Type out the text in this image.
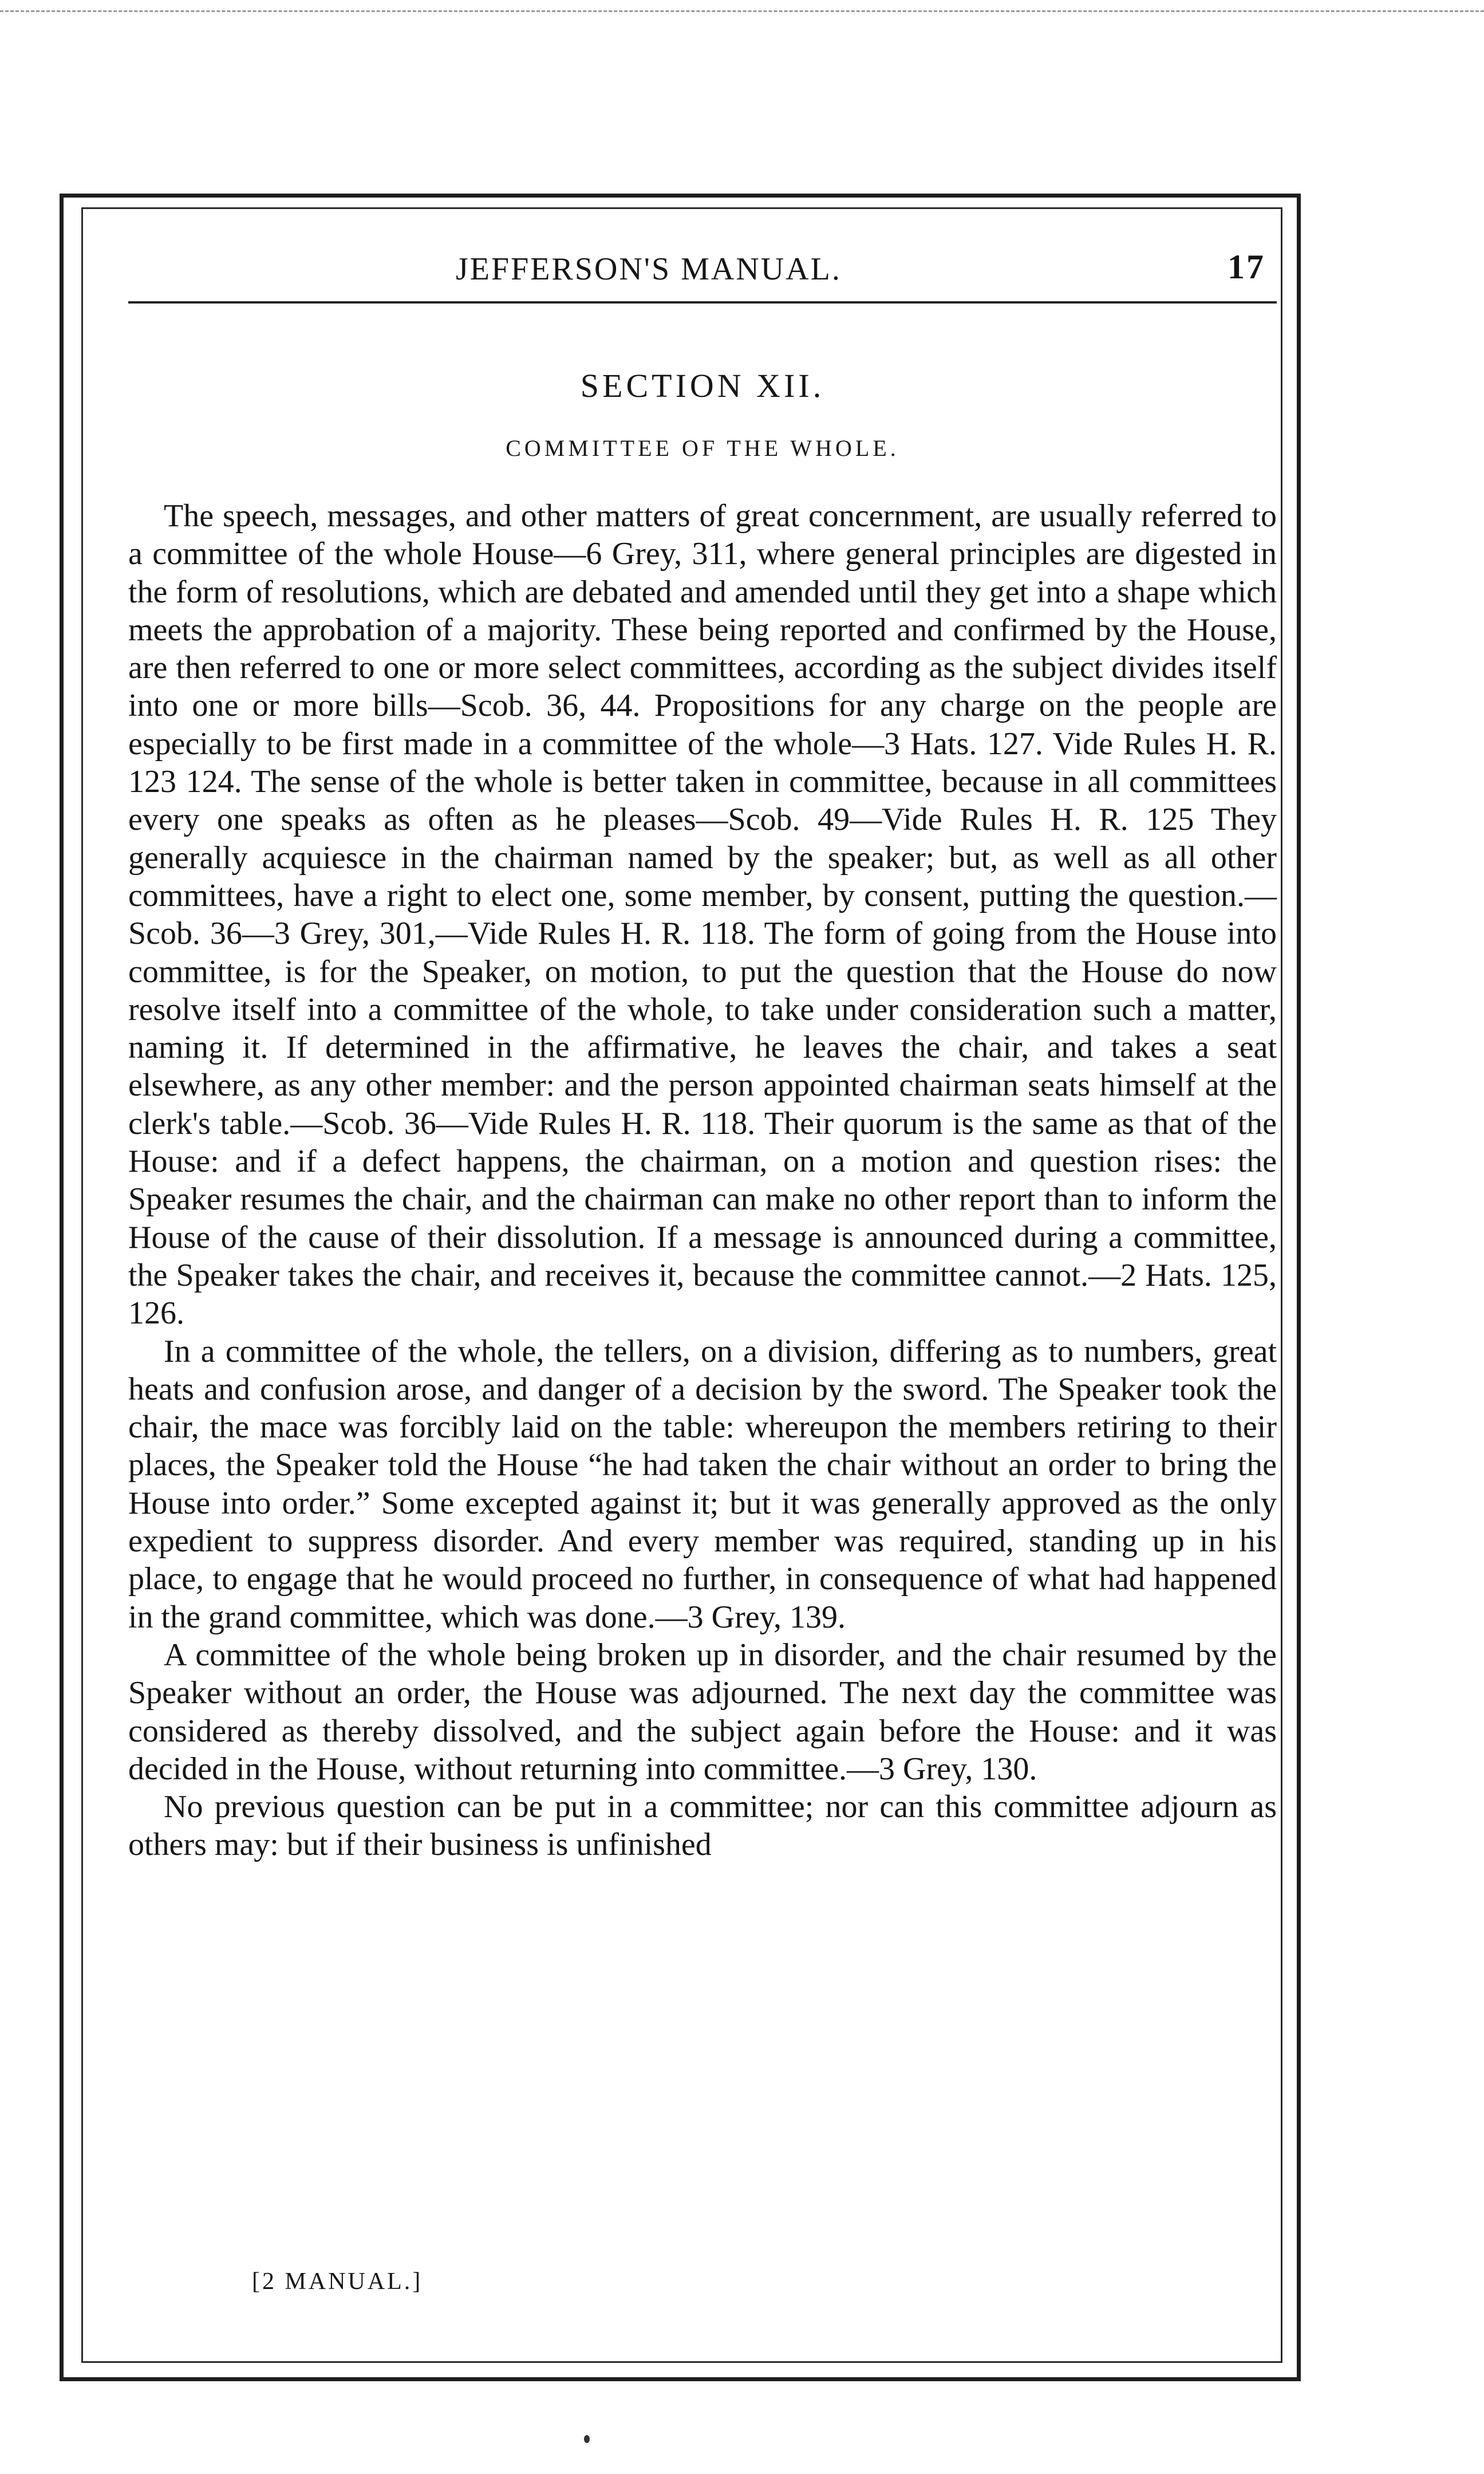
JEFFERSON'S MANUAL.	17
SECTION XII.
COMMITTEE OF THE WHOLE.

The speech, messages, and other matters of great concernment, are usually referred to a committee of the whole House—6 Grey, 311, where general principles are digested in the form of resolutions, which are debated and amended until they get into a shape which meets the approbation of a majority. These being reported and confirmed by the House, are then referred to one or more select committees, according as the subject divides itself into one or more bills—Scob. 36, 44. Propositions for any charge on the people are especially to be first made in a committee of the whole—3 Hats. 127. Vide Rules H. R. 123 124. The sense of the whole is better taken in committee, because in all committees every one speaks as often as he pleases—Scob. 49—Vide Rules H. R. 125 They generally acquiesce in the chairman named by the speaker; but, as well as all other committees, have a right to elect one, some member, by consent, putting the question.—Scob. 36—3 Grey, 301,—Vide Rules H. R. 118. The form of going from the House into committee, is for the Speaker, on motion, to put the question that the House do now resolve itself into a committee of the whole, to take under consideration such a matter, naming it. If determined in the affirmative, he leaves the chair, and takes a seat elsewhere, as any other member: and the person appointed chairman seats himself at the clerk's table.—Scob. 36—Vide Rules H. R. 118. Their quorum is the same as that of the House: and if a defect happens, the chairman, on a motion and question rises: the Speaker resumes the chair, and the chairman can make no other report than to inform the House of the cause of their dissolution. If a message is announced during a committee, the Speaker takes the chair, and receives it, because the committee cannot.—2 Hats. 125, 126.

In a committee of the whole, the tellers, on a division, differing as to numbers, great heats and confusion arose, and danger of a decision by the sword. The Speaker took the chair, the mace was forcibly laid on the table: whereupon the members retiring to their places, the Speaker told the House “he had taken the chair without an order to bring the House into order.” Some excepted against it; but it was generally approved as the only expedient to suppress disorder. And every member was required, standing up in his place, to engage that he would proceed no further, in consequence of what had happened in the grand committee, which was done.—3 Grey, 139.

A committee of the whole being broken up in disorder, and the chair resumed by the Speaker without an order, the House was adjourned. The next day the committee was considered as thereby dissolved, and the subject again before the House: and it was decided in the House, without returning into committee.—3 Grey, 130.

No previous question can be put in a committee; nor can this committee adjourn as others may: but if their business is unfinished

[2 MANUAL.]
